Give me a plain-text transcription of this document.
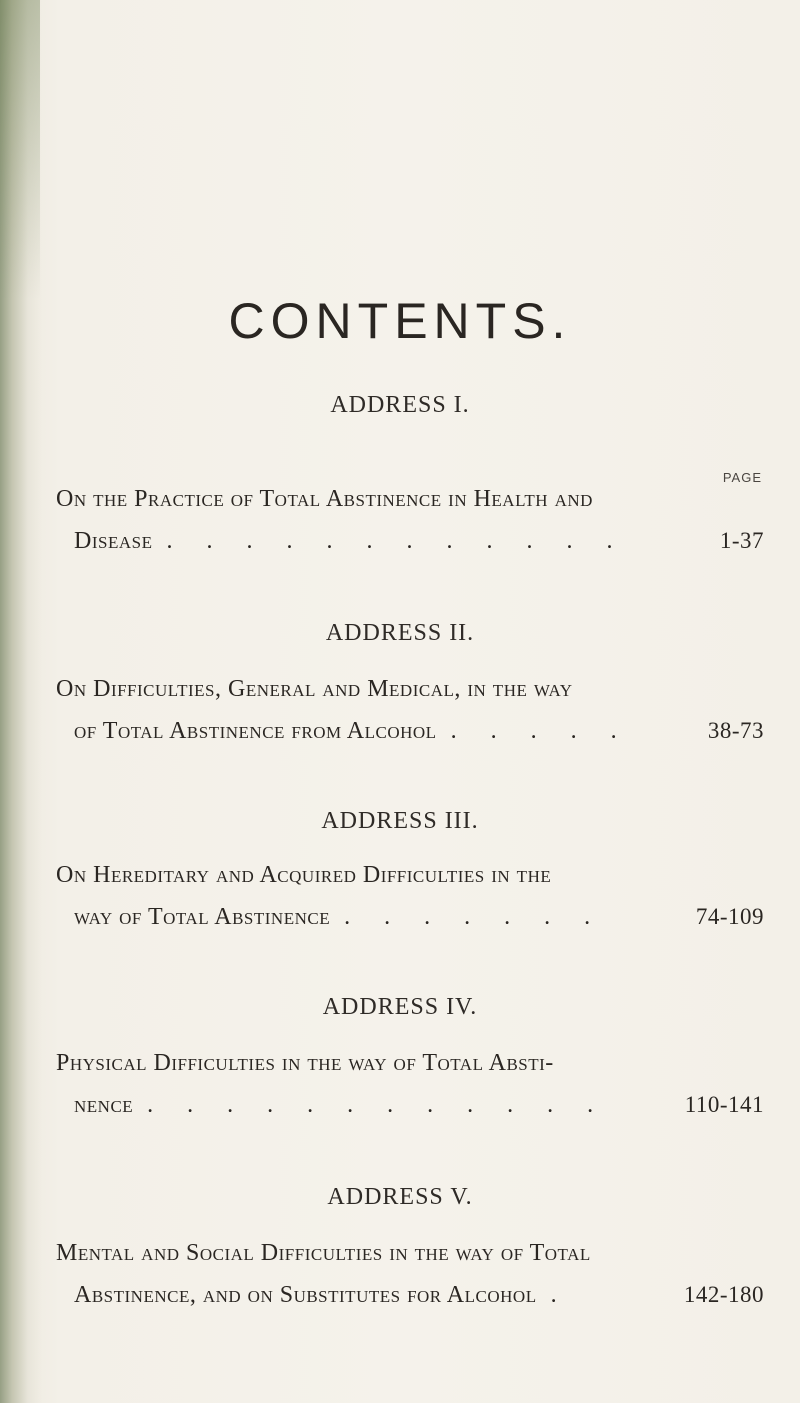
CONTENTS.
ADDRESS I.
PAGE
On the Practice of Total Abstinence in Health and
Disease . . . . . . . . . . . .	1-37
ADDRESS II.
On Difficulties, General and Medical, in the way
of Total Abstinence from Alcohol . . . . .	38-73
ADDRESS III.
On Hereditary and Acquired Difficulties in the
way of Total Abstinence . . . . . . .	74-109
ADDRESS IV.
Physical Difficulties in the way of Total Absti-
nence . . . . . . . . . . . .	110-141
ADDRESS V.
Mental and Social Difficulties in the way of Total
Abstinence, and on Substitutes for Alcohol .	142-180
